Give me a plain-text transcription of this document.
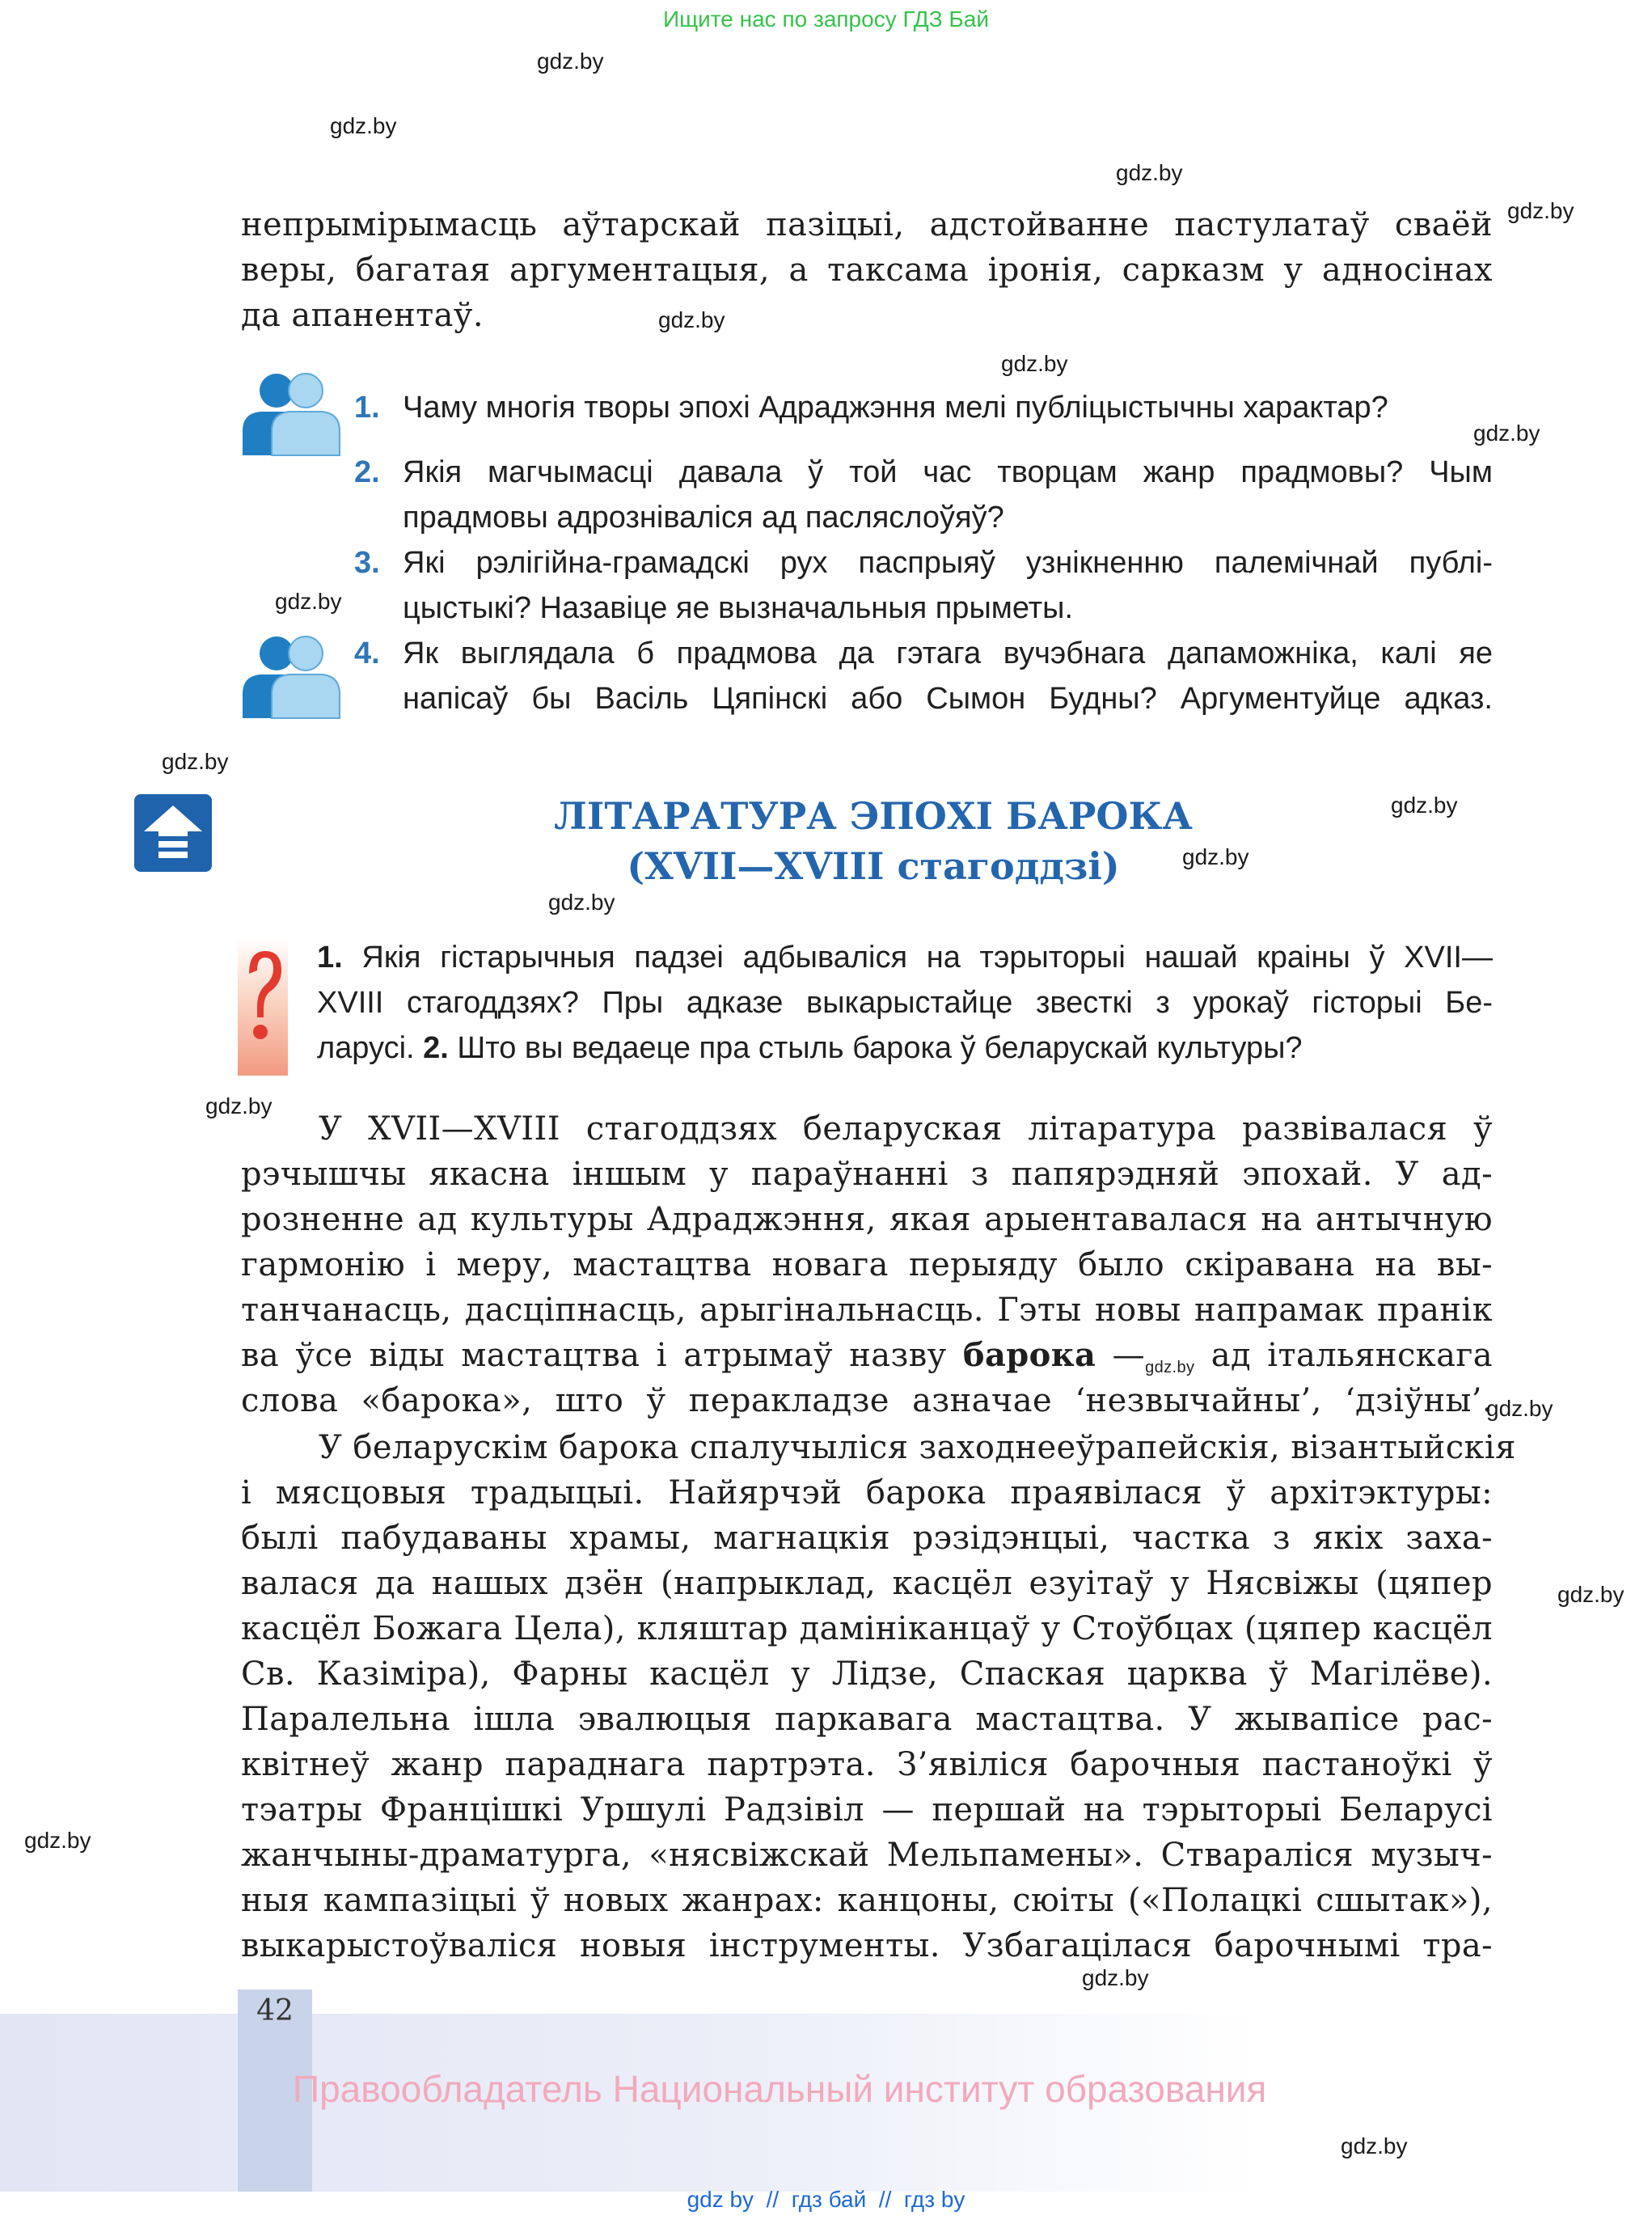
Ищите нас по запросу ГДЗ Бай
gdz.by
gdz.by
gdz.by
gdz.by
gdz.by
gdz.by
gdz.by
gdz.by
gdz.by
gdz.by
gdz.by
gdz.by
gdz.by
gdz.by
gdz.by
gdz.by
gdz.by
gdz.by
непрымірымасць аўтарскай пазіцыі, адстойванне пастулатаў сваёй
веры, багатая аргументацыя, а таксама іронія, сарказм у адносінах
да апанентаў.
1. Чаму многія творы эпохі Адраджэння мелі публіцыстычны характар?
2. Якія магчымасці давала ў той час творцам жанр прадмовы? Чым
прадмовы адрозніваліся ад пасляслоўяў?
3. Які рэлігійна-грамадскі рух паспрыяў узнікненню палемічнай публі-
цыстыкі? Назавіце яе вызначальныя прыметы.
4. Як выглядала б прадмова да гэтага вучэбнага дапаможніка, калі яе
напісаў бы Васіль Цяпінскі або Сымон Будны? Аргументуйце адказ.
ЛІТАРАТУРА ЭПОХІ БАРОКА
(XVII—XVIII стагоддзі)
1. Якія гістарычныя падзеі адбываліся на тэрыторыі нашай краіны ў XVII—
XVIII стагоддзях? Пры адказе выкарыстайце звесткі з урокаў гісторыі Бе-
ларусі. 2. Што вы ведаеце пра стыль барока ў беларускай культуры?
У XVII—XVIII стагоддзях беларуская літаратура развівалася ў
рэчышчы якасна іншым у параўнанні з папярэдняй эпохай. У ад-
розненне ад культуры Адраджэння, якая арыентавалася на антычную
гармонію і меру, мастацтва новага перыяду было скіравана на вы-
танчанасць, дасціпнасць, арыгінальнасць. Гэты новы напрамак пранік
ва ўсе віды мастацтва і атрымаў назву барока $—_{gdz.by}$ ад італьянскага
слова «барока», што ў перакладзе азначае ‘незвычайны’, ‘дзіўны’.
У беларускім барока спалучыліся заходнееўрапейскія, візантыйскія
і мясцовыя традыцыі. Найярчэй барока праявілася ў архітэктуры:
былі пабудаваны храмы, магнацкія рэзідэнцыі, частка з якіх заха-
валася да нашых дзён (напрыклад, касцёл езуітаў у Нясвіжы (цяпер
касцёл Божага Цела), кляштар дамініканцаў у Стоўбцах (цяпер касцёл
Св. Казіміра), Фарны касцёл у Лідзе, Спаская царква ў Магілёве).
Паралельна ішла эвалюцыя паркавага мастацтва. У жывапісе рас-
квітнеў жанр параднага партрэта. З’явіліся барочныя пастаноўкі ў
тэатры Францішкі Уршулі Радзівіл — першай на тэрыторыі Беларусі
жанчыны-драматурга, «нясвіжскай Мельпамены». Ствараліся музыч-
ныя кампазіцыі ў новых жанрах: канцоны, сюіты («Полацкі сшытак»),
выкарыстоўваліся новыя інструменты. Узбагацілася барочнымі тра-
42
Правообладатель Национальный институт образования
gdz by  //  гдз бай  //  гдз by
